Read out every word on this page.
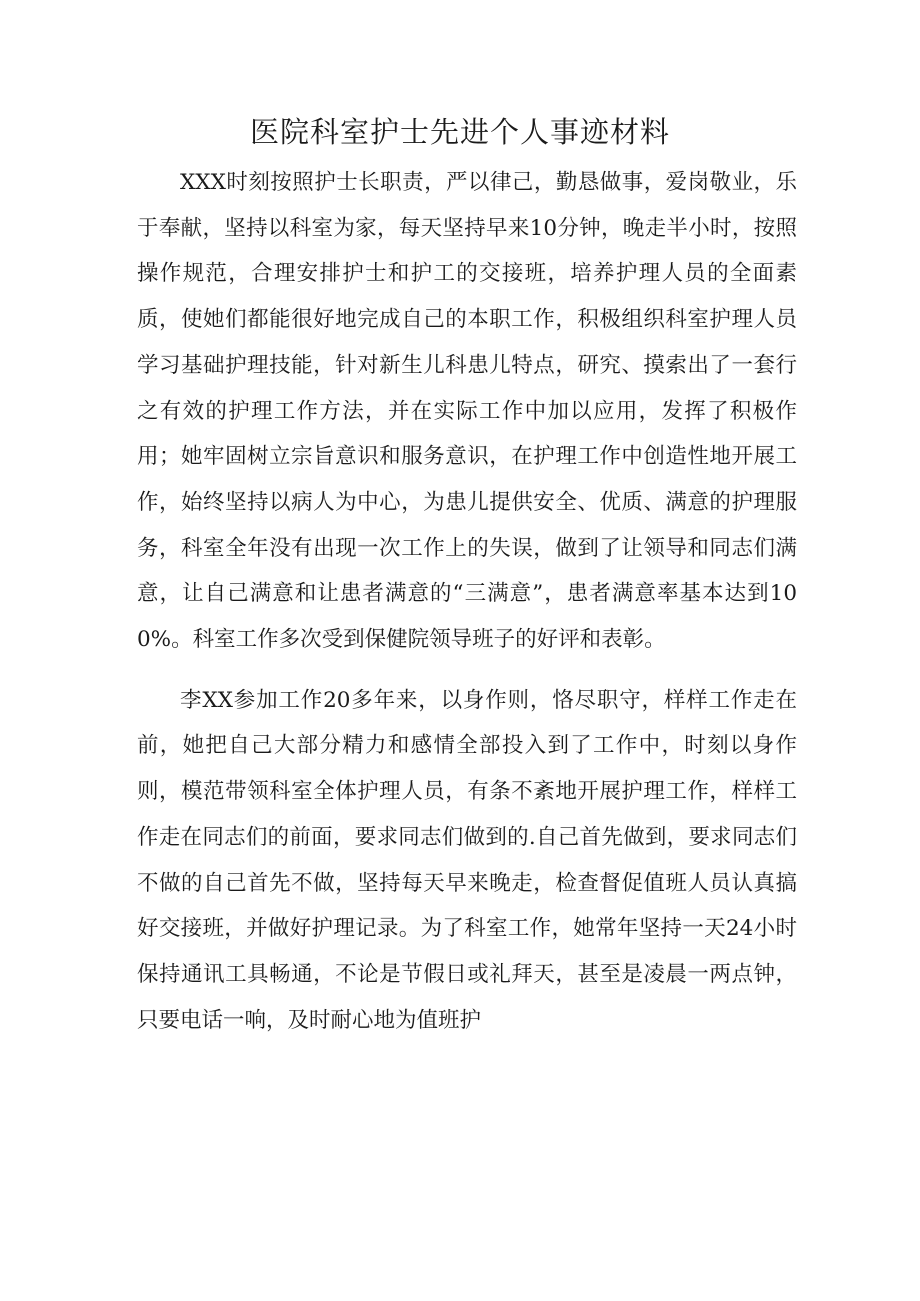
医院科室护士先进个人事迹材料

XXX时刻按照护士长职责，严以律己，勤恳做事，爱岗敬业，乐于奉献，坚持以科室为家，每天坚持早来10分钟，晚走半小时，按照操作规范，合理安排护士和护工的交接班，培养护理人员的全面素质，使她们都能很好地完成自己的本职工作，积极组织科室护理人员学习基础护理技能，针对新生儿科患儿特点，研究、摸索出了一套行之有效的护理工作方法，并在实际工作中加以应用，发挥了积极作用；她牢固树立宗旨意识和服务意识，在护理工作中创造性地开展工作，始终坚持以病人为中心，为患儿提供安全、优质、满意的护理服务，科室全年没有出现一次工作上的失误，做到了让领导和同志们满意，让自己满意和让患者满意的“三满意”，患者满意率基本达到100%。科室工作多次受到保健院领导班子的好评和表彰。

李XX参加工作20多年来，以身作则，恪尽职守，样样工作走在前，她把自己大部分精力和感情全部投入到了工作中，时刻以身作则，模范带领科室全体护理人员，有条不紊地开展护理工作，样样工作走在同志们的前面，要求同志们做到的.自己首先做到，要求同志们不做的自己首先不做，坚持每天早来晚走，检查督促值班人员认真搞好交接班，并做好护理记录。为了科室工作，她常年坚持一天24小时保持通讯工具畅通，不论是节假日或礼拜天，甚至是凌晨一两点钟，只要电话一响，及时耐心地为值班护
